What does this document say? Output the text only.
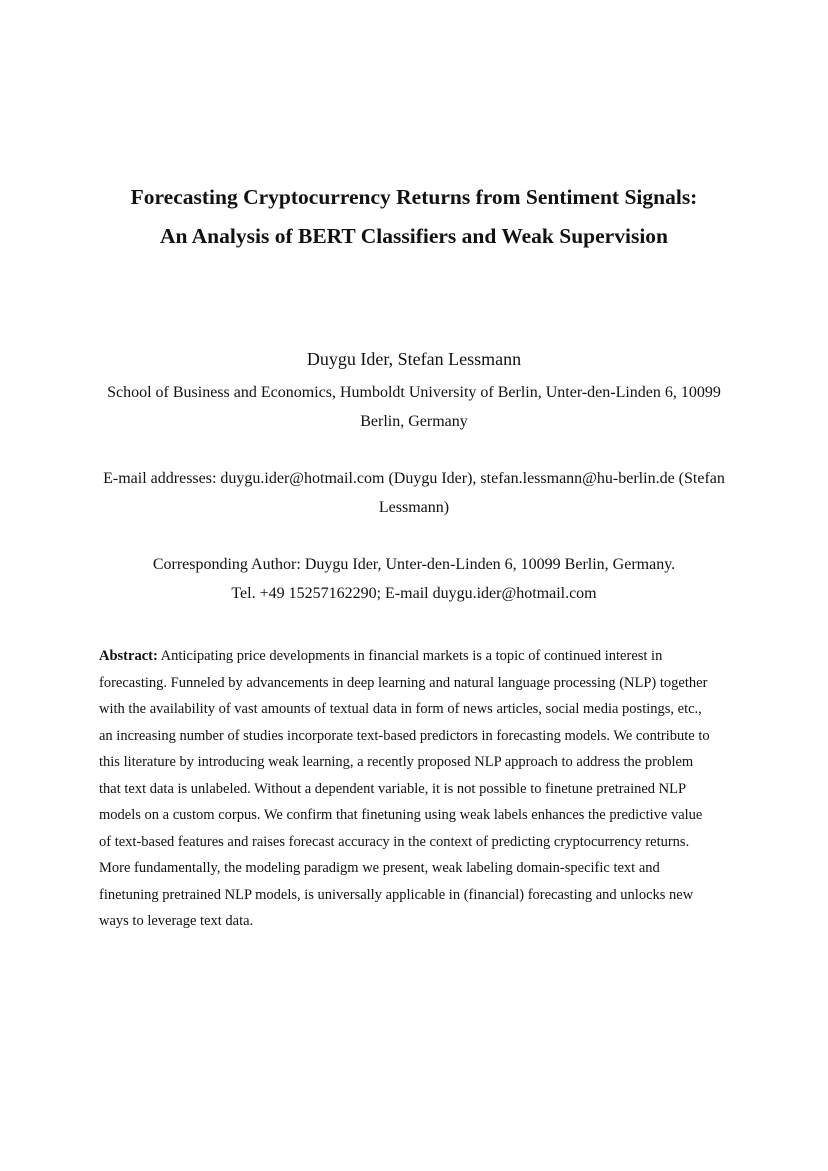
Forecasting Cryptocurrency Returns from Sentiment Signals:
An Analysis of BERT Classifiers and Weak Supervision
Duygu Ider, Stefan Lessmann
School of Business and Economics, Humboldt University of Berlin, Unter-den-Linden 6, 10099
Berlin, Germany
E-mail addresses: duygu.ider@hotmail.com (Duygu Ider), stefan.lessmann@hu-berlin.de (Stefan
Lessmann)
Corresponding Author: Duygu Ider, Unter-den-Linden 6, 10099 Berlin, Germany.
Tel. +49 15257162290; E-mail duygu.ider@hotmail.com
Abstract: Anticipating price developments in financial markets is a topic of continued interest in
forecasting. Funneled by advancements in deep learning and natural language processing (NLP) together
with the availability of vast amounts of textual data in form of news articles, social media postings, etc.,
an increasing number of studies incorporate text-based predictors in forecasting models. We contribute to
this literature by introducing weak learning, a recently proposed NLP approach to address the problem
that text data is unlabeled. Without a dependent variable, it is not possible to finetune pretrained NLP
models on a custom corpus. We confirm that finetuning using weak labels enhances the predictive value
of text-based features and raises forecast accuracy in the context of predicting cryptocurrency returns.
More fundamentally, the modeling paradigm we present, weak labeling domain-specific text and
finetuning pretrained NLP models, is universally applicable in (financial) forecasting and unlocks new
ways to leverage text data.
